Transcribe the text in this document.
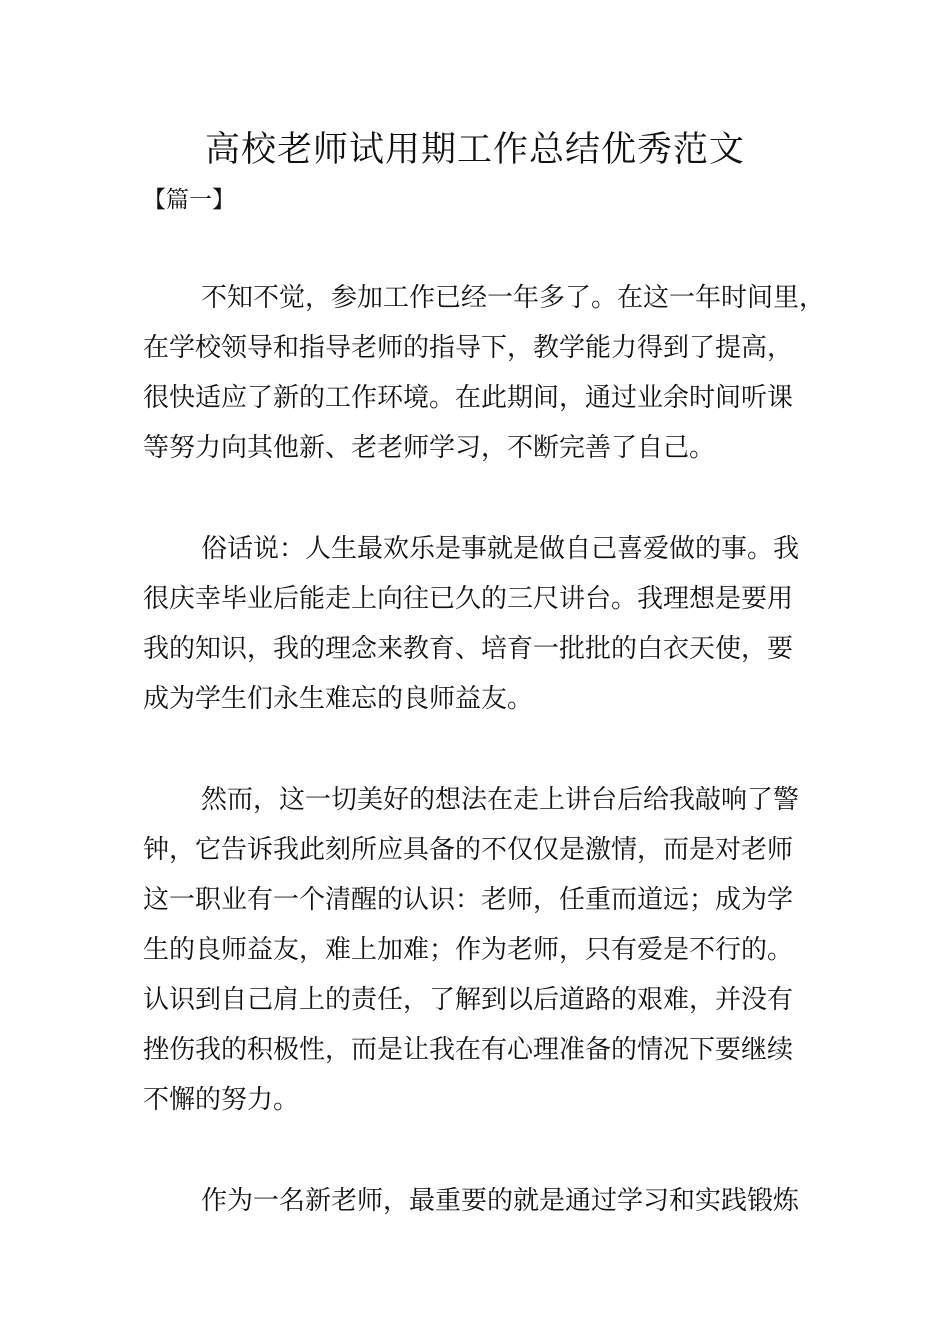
高校老师试用期工作总结优秀范文
【篇一】
不知不觉，参加工作已经一年多了。在这一年时间里，
在学校领导和指导老师的指导下，教学能力得到了提高，
很快适应了新的工作环境。在此期间，通过业余时间听课
等努力向其他新、老老师学习，不断完善了自己。
俗话说：人生最欢乐是事就是做自己喜爱做的事。我
很庆幸毕业后能走上向往已久的三尺讲台。我理想是要用
我的知识，我的理念来教育、培育一批批的白衣天使，要
成为学生们永生难忘的良师益友。
然而，这一切美好的想法在走上讲台后给我敲响了警
钟，它告诉我此刻所应具备的不仅仅是激情，而是对老师
这一职业有一个清醒的认识：老师，任重而道远；成为学
生的良师益友，难上加难；作为老师，只有爱是不行的。
认识到自己肩上的责任，了解到以后道路的艰难，并没有
挫伤我的积极性，而是让我在有心理准备的情况下要继续
不懈的努力。
作为一名新老师，最重要的就是通过学习和实践锻炼
